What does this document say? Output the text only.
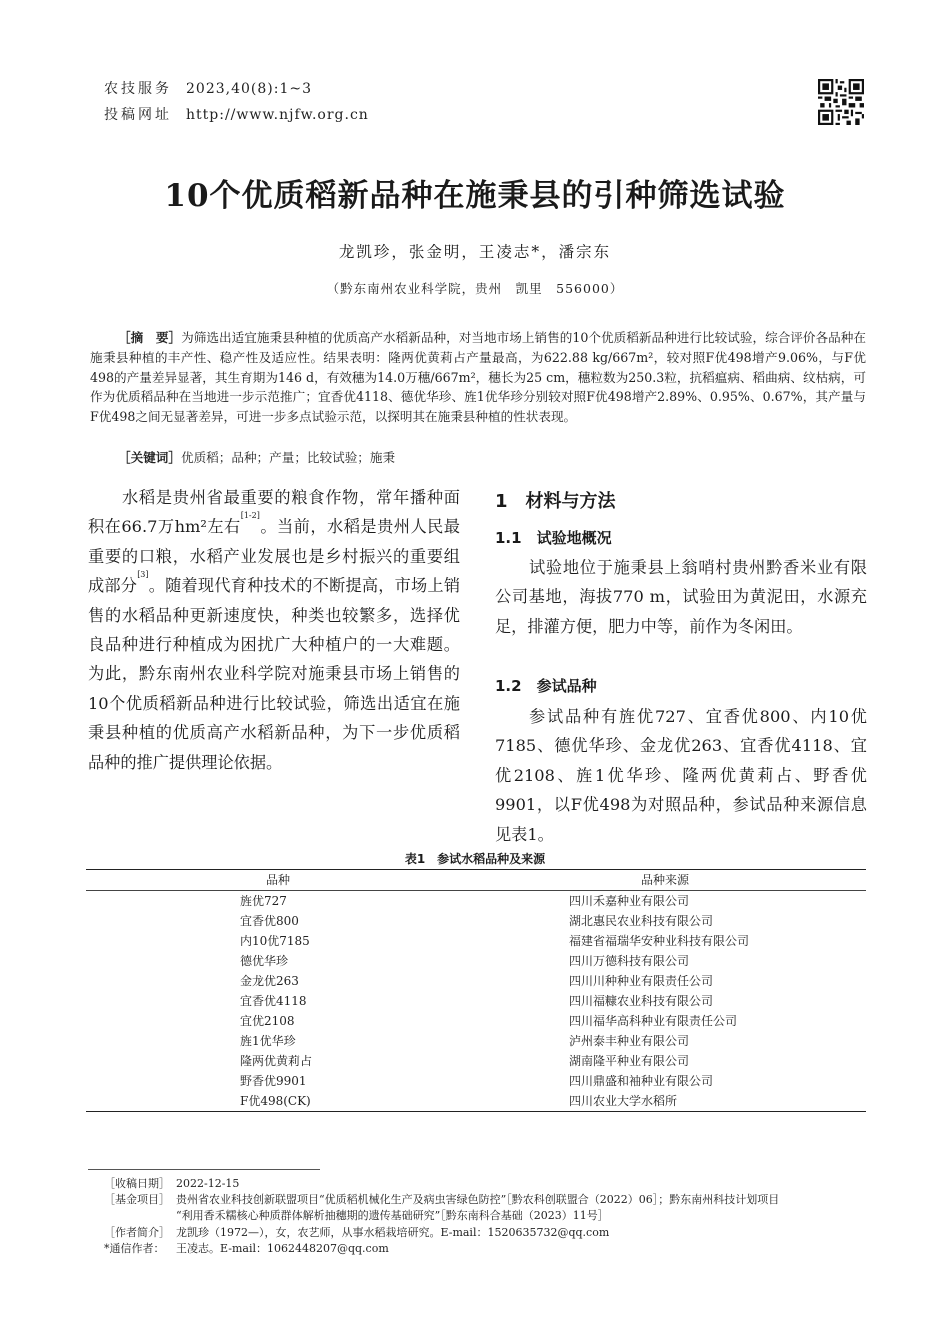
农技服务 2023,40(8):1~3
投稿网址 http://www.njfw.org.cn
10个优质稻新品种在施秉县的引种筛选试验
龙凯珍，张金明，王凌志*，潘宗东
（黔东南州农业科学院，贵州　凯里　556000）
［摘　要］为筛选出适宜施秉县种植的优质高产水稻新品种，对当地市场上销售的10个优质稻新品种进行比较试验，综合评价各品种在施秉县种植的丰产性、稳产性及适应性。结果表明：隆两优黄莉占产量最高，为622.88 kg/667m²，较对照F优498增产9.06%，与F优498的产量差异显著，其生育期为146 d，有效穗为14.0万穗/667m²，穗长为25 cm，穗粒数为250.3粒，抗稻瘟病、稻曲病、纹枯病，可作为优质稻品种在当地进一步示范推广；宜香优4118、德优华珍、旌1优华珍分别较对照F优498增产2.89%、0.95%、0.67%，其产量与F优498之间无显著差异，可进一步多点试验示范，以探明其在施秉县种植的性状表现。
［关键词］优质稻；品种；产量；比较试验；施秉

水稻是贵州省最重要的粮食作物，常年播种面积在66.7万hm²左右[1-2]。当前，水稻是贵州人民最重要的口粮，水稻产业发展也是乡村振兴的重要组成部分[3]。随着现代育种技术的不断提高，市场上销售的水稻品种更新速度快，种类也较繁多，选择优良品种进行种植成为困扰广大种植户的一大难题。为此，黔东南州农业科学院对施秉县市场上销售的10个优质稻新品种进行比较试验，筛选出适宜在施秉县种植的优质高产水稻新品种，为下一步优质稻品种的推广提供理论依据。

1　材料与方法
1.1　试验地概况

试验地位于施秉县上翁哨村贵州黔香米业有限公司基地，海拔770 m，试验田为黄泥田，水源充足，排灌方便，肥力中等，前作为冬闲田。

1.2　参试品种

参试品种有旌优727、宜香优800、内10优7185、德优华珍、金龙优263、宜香优4118、宜优2108、旌1优华珍、隆两优黄莉占、野香优9901，以F优498为对照品种，参试品种来源信息见表1。

表1　参试水稻品种及来源
品种	品种来源
旌优727	四川禾嘉种业有限公司
宜香优800	湖北惠民农业科技有限公司
内10优7185	福建省福瑞华安种业科技有限公司
德优华珍	四川万德科技有限公司
金龙优263	四川川种种业有限责任公司
宜香优4118	四川福糠农业科技有限公司
宜优2108	四川福华高科种业有限责任公司
旌1优华珍	泸州泰丰种业有限公司
隆两优黄莉占	湖南隆平种业有限公司
野香优9901	四川鼎盛和袖种业有限公司
F优498(CK)	四川农业大学水稻所
［收稿日期］ 2022-12-15
［基金项目］ 贵州省农业科技创新联盟项目“优质稻机械化生产及病虫害绿色防控”［黔农科创联盟合（2022）06］；黔东南州科技计划项目
“利用香禾糯核心种质群体解析抽穗期的遗传基础研究”［黔东南科合基础（2023）11号］
［作者简介］ 龙凯珍（1972—），女，农艺师，从事水稻栽培研究。E-mail：1520635732@qq.com
*通信作者： 王凌志。E-mail：1062448207@qq.com
